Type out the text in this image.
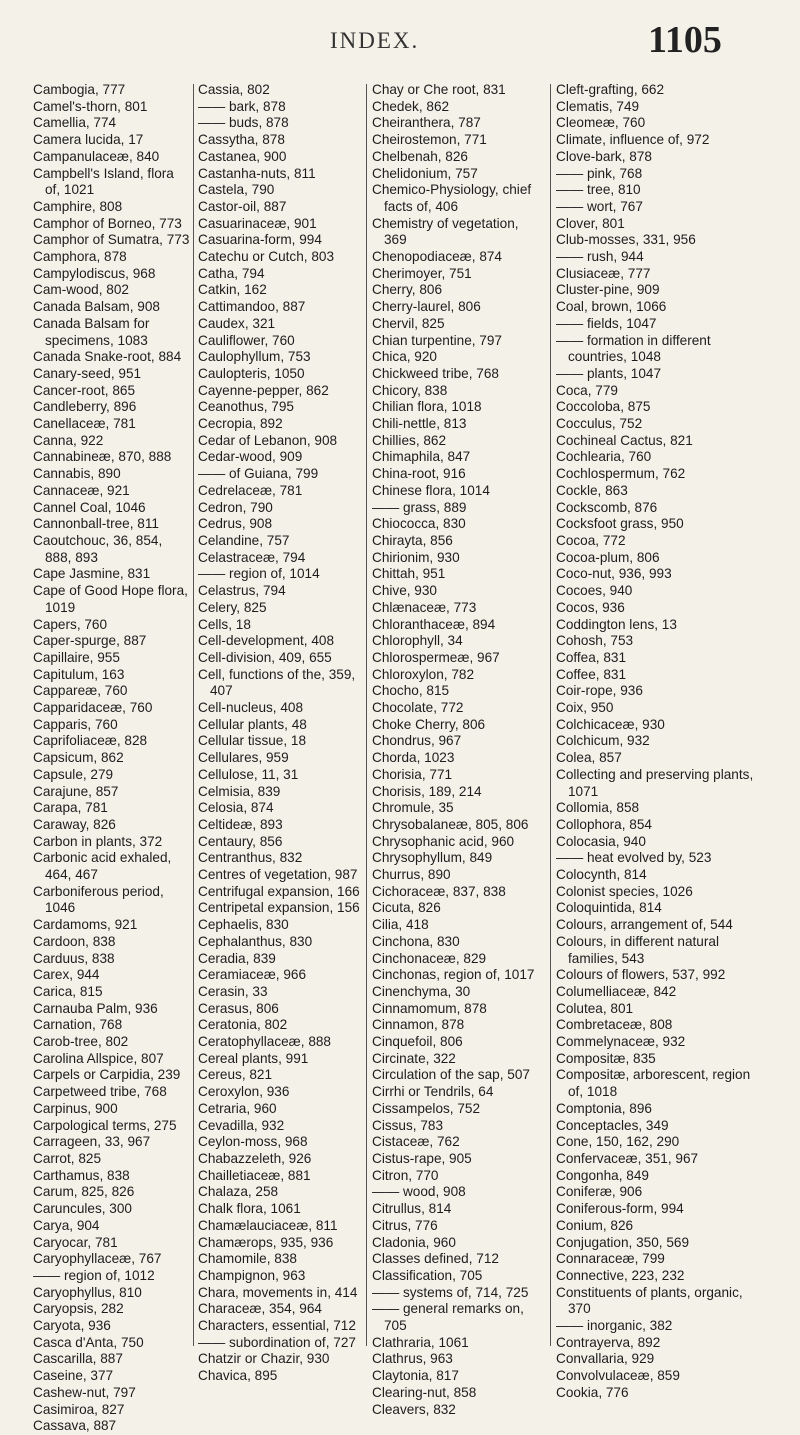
INDEX.	1105
Cambogia, 777
Camel's-thorn, 801
Camellia, 774
Camera lucida, 17
Campanulaceæ, 840
Campbell's Island, flora of, 1021
Camphire, 808
Camphor of Borneo, 773
Camphor of Sumatra, 773
Camphora, 878
Campylodiscus, 968
Cam-wood, 802
Canada Balsam, 908
Canada Balsam for specimens, 1083
Canada Snake-root, 884
Canary-seed, 951
Cancer-root, 865
Candleberry, 896
Canellaceæ, 781
Canna, 922
Cannabineæ, 870, 888
Cannabis, 890
Cannaceæ, 921
Cannel Coal, 1046
Cannonball-tree, 811
Caoutchouc, 36, 854, 888, 893
Cape Jasmine, 831
Cape of Good Hope flora, 1019
Capers, 760
Caper-spurge, 887
Capillaire, 955
Capitulum, 163
Cappareæ, 760
Capparidaceæ, 760
Capparis, 760
Caprifoliaceæ, 828
Capsicum, 862
Capsule, 279
Carajune, 857
Carapa, 781
Caraway, 826
Carbon in plants, 372
Carbonic acid exhaled, 464, 467
Carboniferous period, 1046
Cardamoms, 921
Cardoon, 838
Carduus, 838
Carex, 944
Carica, 815
Carnauba Palm, 936
Carnation, 768
Carob-tree, 802
Carolina Allspice, 807
Carpels or Carpidia, 239
Carpetweed tribe, 768
Carpinus, 900
Carpological terms, 275
Carrageen, 33, 967
Carrot, 825
Carthamus, 838
Carum, 825, 826
Caruncules, 300
Carya, 904
Caryocar, 781
Caryophyllaceæ, 767
—— region of, 1012
Caryophyllus, 810
Caryopsis, 282
Caryota, 936
Casca d'Anta, 750
Cascarilla, 887
Caseine, 377
Cashew-nut, 797
Casimiroa, 827
Cassava, 887
Cassia, 802
—— bark, 878
—— buds, 878
Cassytha, 878
Castanea, 900
Castanha-nuts, 811
Castela, 790
Castor-oil, 887
Casuarinaceæ, 901
Casuarina-form, 994
Catechu or Cutch, 803
Catha, 794
Catkin, 162
Cattimandoo, 887
Caudex, 321
Cauliflower, 760
Caulophyllum, 753
Caulopteris, 1050
Cayenne-pepper, 862
Ceanothus, 795
Cecropia, 892
Cedar of Lebanon, 908
Cedar-wood, 909
—— of Guiana, 799
Cedrelaceæ, 781
Cedron, 790
Cedrus, 908
Celandine, 757
Celastraceæ, 794
—— region of, 1014
Celastrus, 794
Celery, 825
Cells, 18
Cell-development, 408
Cell-division, 409, 655
Cell, functions of the, 359, 407
Cell-nucleus, 408
Cellular plants, 48
Cellular tissue, 18
Cellulares, 959
Cellulose, 11, 31
Celmisia, 839
Celosia, 874
Celtideæ, 893
Centaury, 856
Centranthus, 832
Centres of vegetation, 987
Centrifugal expansion, 166
Centripetal expansion, 156
Cephaelis, 830
Cephalanthus, 830
Ceradia, 839
Ceramiaceæ, 966
Cerasin, 33
Cerasus, 806
Ceratonia, 802
Ceratophyllaceæ, 888
Cereal plants, 991
Cereus, 821
Ceroxylon, 936
Cetraria, 960
Cevadilla, 932
Ceylon-moss, 968
Chabazzeleth, 926
Chailletiaceæ, 881
Chalaza, 258
Chalk flora, 1061
Chamælauciaceæ, 811
Chamærops, 935, 936
Chamomile, 838
Champignon, 963
Chara, movements in, 414
Characeæ, 354, 964
Characters, essential, 712
—— subordination of, 727
Chatzir or Chazir, 930
Chavica, 895
Chay or Che root, 831
Chedek, 862
Cheiranthera, 787
Cheirostemon, 771
Chelbenah, 826
Chelidonium, 757
Chemico-Physiology, chief facts of, 406
Chemistry of vegetation, 369
Chenopodiaceæ, 874
Cherimoyer, 751
Cherry, 806
Cherry-laurel, 806
Chervil, 825
Chian turpentine, 797
Chica, 920
Chickweed tribe, 768
Chicory, 838
Chilian flora, 1018
Chili-nettle, 813
Chillies, 862
Chimaphila, 847
China-root, 916
Chinese flora, 1014
—— grass, 889
Chiococca, 830
Chirayta, 856
Chirionim, 930
Chittah, 951
Chive, 930
Chlænaceæ, 773
Chloranthaceæ, 894
Chlorophyll, 34
Chlorospermeæ, 967
Chloroxylon, 782
Chocho, 815
Chocolate, 772
Choke Cherry, 806
Chondrus, 967
Chorda, 1023
Chorisia, 771
Chorisis, 189, 214
Chromule, 35
Chrysobalaneæ, 805, 806
Chrysophanic acid, 960
Chrysophyllum, 849
Churrus, 890
Cichoraceæ, 837, 838
Cicuta, 826
Cilia, 418
Cinchona, 830
Cinchonaceæ, 829
Cinchonas, region of, 1017
Cinenchyma, 30
Cinnamomum, 878
Cinnamon, 878
Cinquefoil, 806
Circinate, 322
Circulation of the sap, 507
Cirrhi or Tendrils, 64
Cissampelos, 752
Cissus, 783
Cistaceæ, 762
Cistus-rape, 905
Citron, 770
—— wood, 908
Citrullus, 814
Citrus, 776
Cladonia, 960
Classes defined, 712
Classification, 705
—— systems of, 714, 725
—— general remarks on, 705
Clathraria, 1061
Clathrus, 963
Claytonia, 817
Clearing-nut, 858
Cleavers, 832
Cleft-grafting, 662
Clematis, 749
Cleomeæ, 760
Climate, influence of, 972
Clove-bark, 878
—— pink, 768
—— tree, 810
—— wort, 767
Clover, 801
Club-mosses, 331, 956
—— rush, 944
Clusiaceæ, 777
Cluster-pine, 909
Coal, brown, 1066
—— fields, 1047
—— formation in different countries, 1048
—— plants, 1047
Coca, 779
Coccoloba, 875
Cocculus, 752
Cochineal Cactus, 821
Cochlearia, 760
Cochlospermum, 762
Cockle, 863
Cockscomb, 876
Cocksfoot grass, 950
Cocoa, 772
Cocoa-plum, 806
Coco-nut, 936, 993
Cocoes, 940
Cocos, 936
Coddington lens, 13
Cohosh, 753
Coffea, 831
Coffee, 831
Coir-rope, 936
Coix, 950
Colchicaceæ, 930
Colchicum, 932
Colea, 857
Collecting and preserving plants, 1071
Collomia, 858
Collophora, 854
Colocasia, 940
—— heat evolved by, 523
Colocynth, 814
Colonist species, 1026
Coloquintida, 814
Colours, arrangement of, 544
Colours, in different natural families, 543
Colours of flowers, 537, 992
Columelliaceæ, 842
Colutea, 801
Combretaceæ, 808
Commelynaceæ, 932
Compositæ, 835
Compositæ, arborescent, region of, 1018
Comptonia, 896
Conceptacles, 349
Cone, 150, 162, 290
Confervaceæ, 351, 967
Congonha, 849
Coniferæ, 906
Coniferous-form, 994
Conium, 826
Conjugation, 350, 569
Connaraceæ, 799
Connective, 223, 232
Constituents of plants, organic, 370
—— inorganic, 382
Contrayerva, 892
Convallaria, 929
Convolvulaceæ, 859
Cookia, 776
